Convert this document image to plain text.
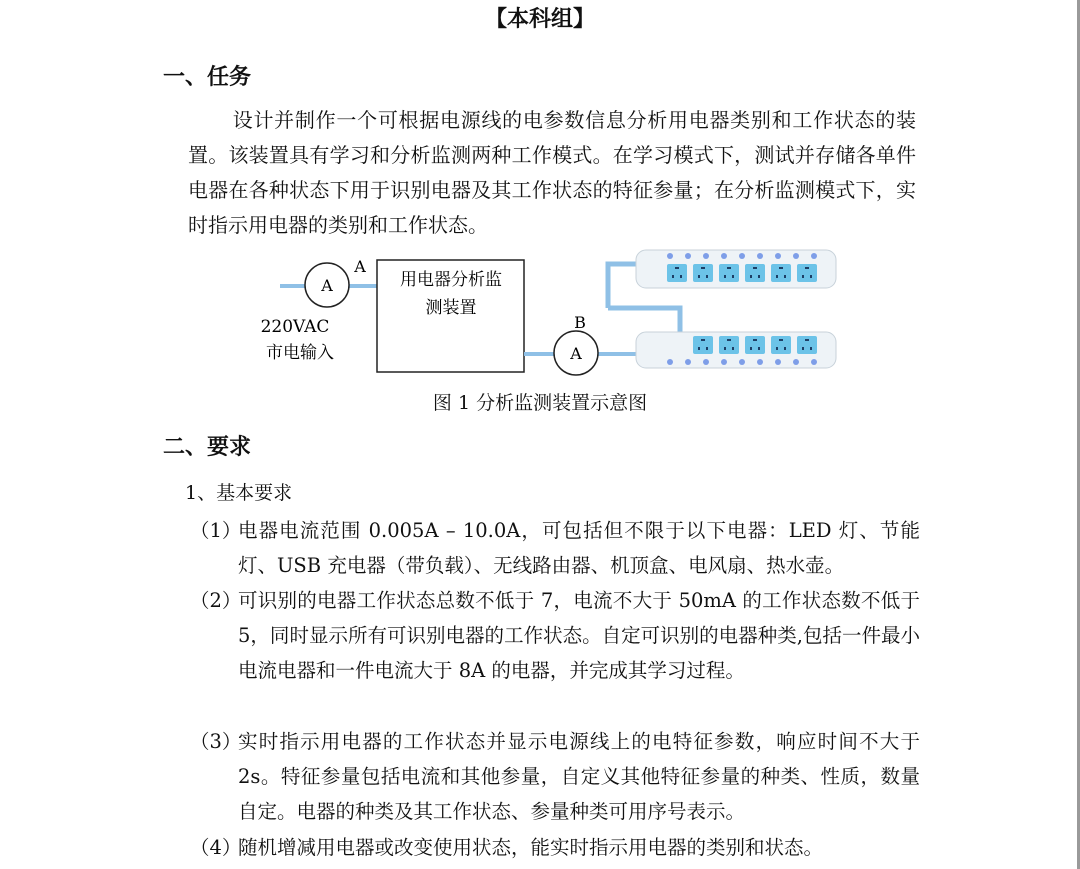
【本科组】
一、任务
设计并制作一个可根据电源线的电参数信息分析用电器类别和工作状态的装置。该装置具有学习和分析监测两种工作模式。在学习模式下，测试并存储各单件电器在各种状态下用于识别电器及其工作状态的特征参量；在分析监测模式下，实时指示用电器的类别和工作状态。
A
A
220VAC
市电输入
用电器分析监
测装置
A
B
图 1 分析监测装置示意图
二、要求
1、基本要求
（1）
电器电流范围 0.005A – 10.0A，可包括但不限于以下电器：LED 灯、节能灯、USB 充电器（带负载）、无线路由器、机顶盒、电风扇、热水壶。
（2）
可识别的电器工作状态总数不低于 7，电流不大于 50mA 的工作状态数不低于 5，同时显示所有可识别电器的工作状态。自定可识别的电器种类,包括一件最小电流电器和一件电流大于 8A 的电器，并完成其学习过程。
（3）
实时指示用电器的工作状态并显示电源线上的电特征参数，响应时间不大于 2s。特征参量包括电流和其他参量，自定义其他特征参量的种类、性质，数量自定。电器的种类及其工作状态、参量种类可用序号表示。
（4）
随机增减用电器或改变使用状态，能实时指示用电器的类别和状态。
